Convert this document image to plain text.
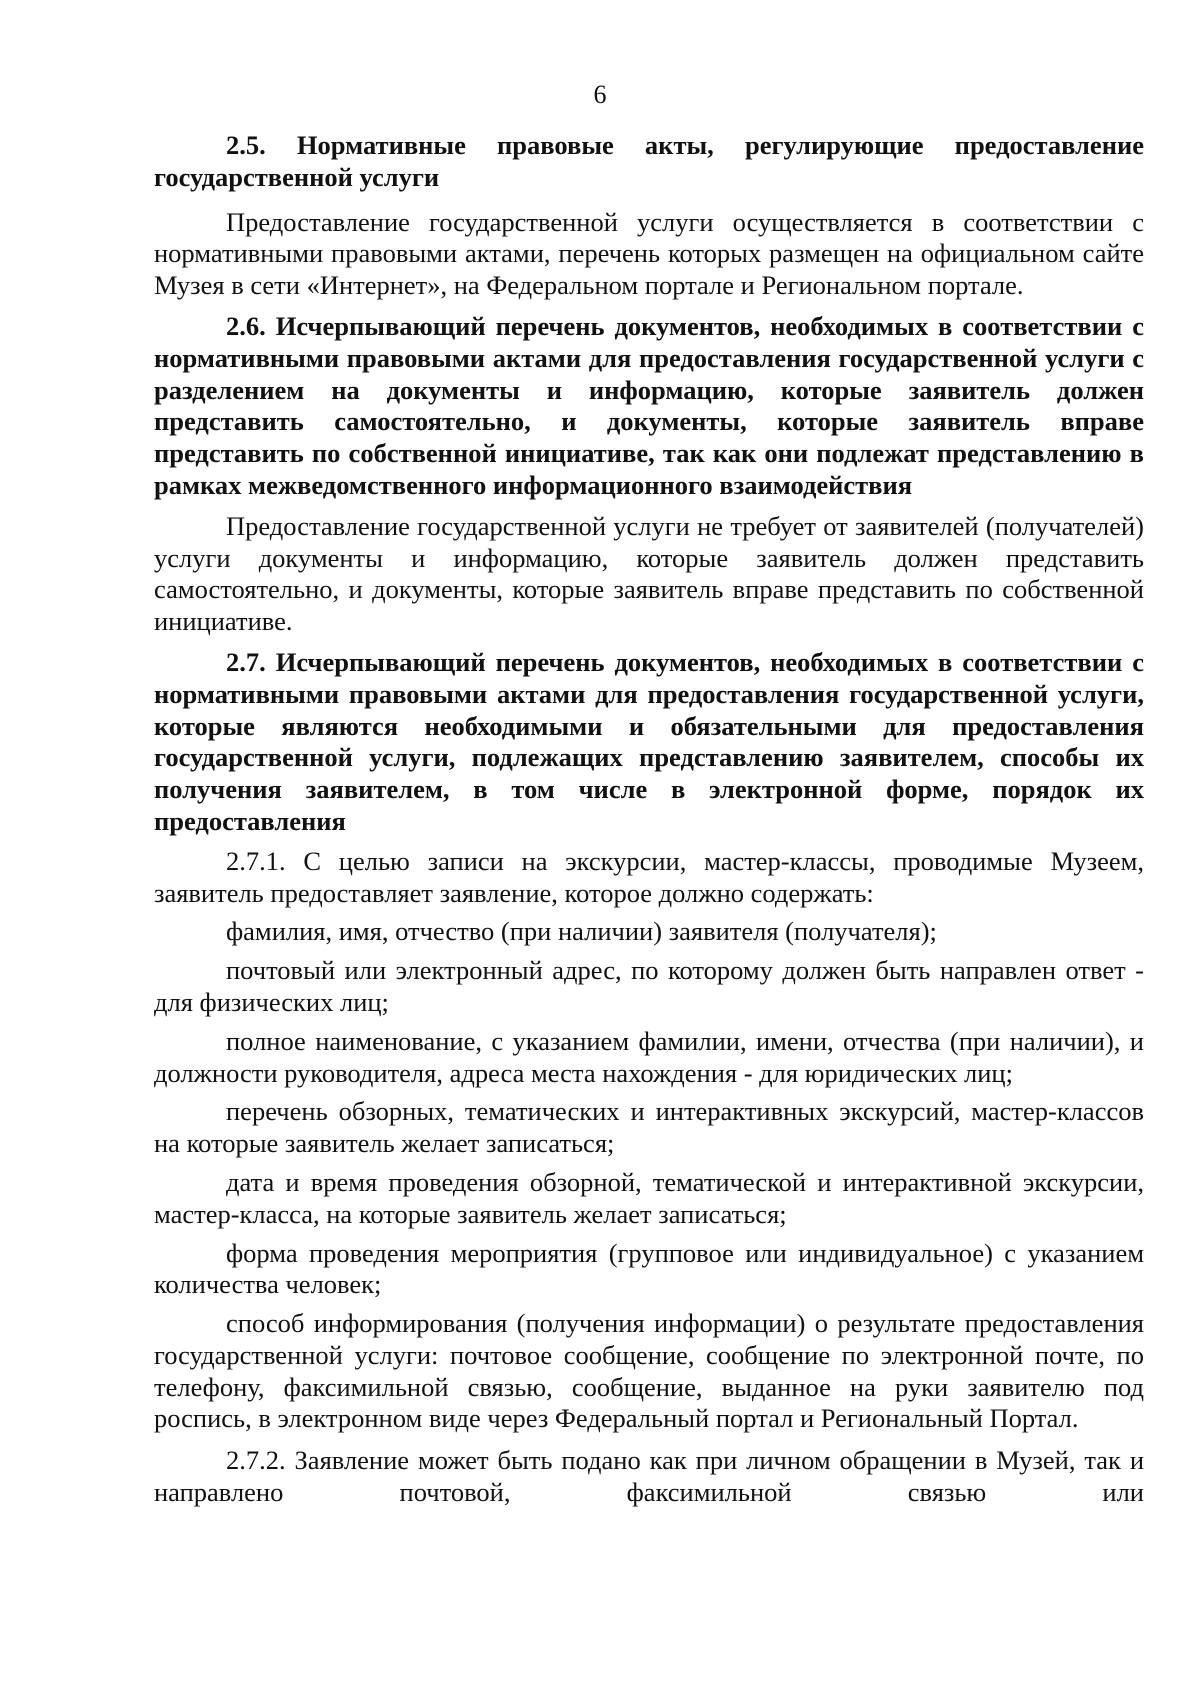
6

2.5. Нормативные правовые акты, регулирующие предоставление государственной услуги

Предоставление государственной услуги осуществляется в соответствии с нормативными правовыми актами, перечень которых размещен на официальном сайте Музея в сети «Интернет», на Федеральном портале и Региональном портале.

2.6. Исчерпывающий перечень документов, необходимых в соответствии с нормативными правовыми актами для предоставления государственной услуги с разделением на документы и информацию, которые заявитель должен представить самостоятельно, и документы, которые заявитель вправе представить по собственной инициативе, так как они подлежат представлению в рамках межведомственного информационного взаимодействия

Предоставление государственной услуги не требует от заявителей (получателей) услуги документы и информацию, которые заявитель должен представить самостоятельно, и документы, которые заявитель вправе представить по собственной инициативе.

2.7. Исчерпывающий перечень документов, необходимых в соответствии с нормативными правовыми актами для предоставления государственной услуги, которые являются необходимыми и обязательными для предоставления государственной услуги, подлежащих представлению заявителем, способы их получения заявителем, в том числе в электронной форме, порядок их предоставления

2.7.1. С целью записи на экскурсии, мастер-классы, проводимые Музеем, заявитель предоставляет заявление, которое должно содержать:

фамилия, имя, отчество (при наличии) заявителя (получателя);

почтовый или электронный адрес, по которому должен быть направлен ответ - для физических лиц;

полное наименование, с указанием фамилии, имени, отчества (при наличии), и должности руководителя, адреса места нахождения - для юридических лиц;

перечень обзорных, тематических и интерактивных экскурсий, мастер-классов на которые заявитель желает записаться;

дата и время проведения обзорной, тематической и интерактивной экскурсии, мастер-класса, на которые заявитель желает записаться;

форма проведения мероприятия (групповое или индивидуальное) с указанием количества человек;

способ информирования (получения информации) о результате предоставления государственной услуги: почтовое сообщение, сообщение по электронной почте, по телефону, факсимильной связью, сообщение, выданное на руки заявителю под роспись, в электронном виде через Федеральный портал и Региональный Портал.

2.7.2. Заявление может быть подано как при личном обращении в Музей, так и направлено почтовой, факсимильной связью или
